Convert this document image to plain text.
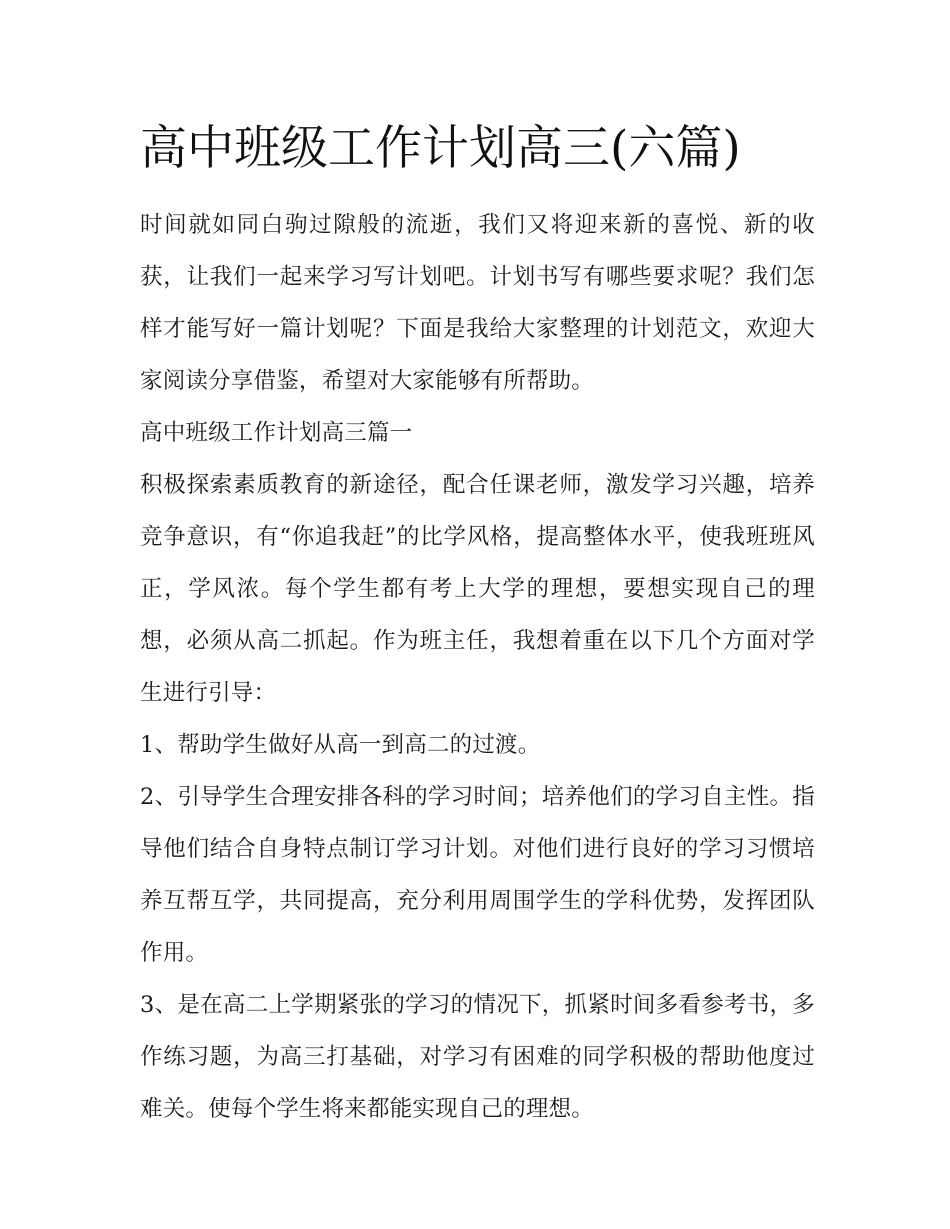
高中班级工作计划高三(六篇)

时间就如同白驹过隙般的流逝，我们又将迎来新的喜悦、新的收获，让我们一起来学习写计划吧。计划书写有哪些要求呢？我们怎样才能写好一篇计划呢？下面是我给大家整理的计划范文，欢迎大家阅读分享借鉴，希望对大家能够有所帮助。

高中班级工作计划高三篇一

积极探索素质教育的新途径，配合任课老师，激发学习兴趣，培养竞争意识，有“你追我赶”的比学风格，提高整体水平，使我班班风正，学风浓。每个学生都有考上大学的理想，要想实现自己的理想，必须从高二抓起。作为班主任，我想着重在以下几个方面对学生进行引导：

1、帮助学生做好从高一到高二的过渡。

2、引导学生合理安排各科的学习时间；培养他们的学习自主性。指导他们结合自身特点制订学习计划。对他们进行良好的学习习惯培养互帮互学，共同提高，充分利用周围学生的学科优势，发挥团队作用。

3、是在高二上学期紧张的学习的情况下，抓紧时间多看参考书，多作练习题，为高三打基础，对学习有困难的同学积极的帮助他度过难关。使每个学生将来都能实现自己的理想。
